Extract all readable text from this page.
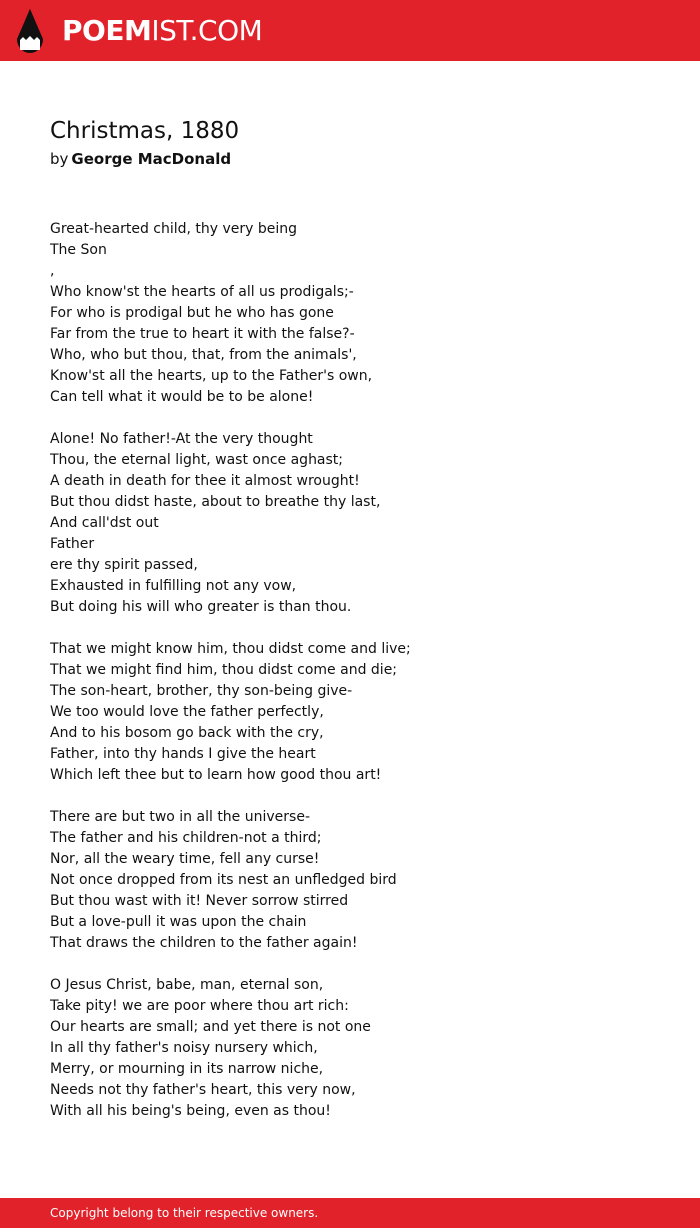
POEMIST.COM
Christmas, 1880
by George MacDonald
Great-hearted child, thy very being
The Son
,
Who know'st the hearts of all us prodigals;-
For who is prodigal but he who has gone
Far from the true to heart it with the false?-
Who, who but thou, that, from the animals',
Know'st all the hearts, up to the Father's own,
Can tell what it would be to be alone!
Alone! No father!-At the very thought
Thou, the eternal light, wast once aghast;
A death in death for thee it almost wrought!
But thou didst haste, about to breathe thy last,
And call'dst out
Father
ere thy spirit passed,
Exhausted in fulfilling not any vow,
But doing his will who greater is than thou.
That we might know him, thou didst come and live;
That we might find him, thou didst come and die;
The son-heart, brother, thy son-being give-
We too would love the father perfectly,
And to his bosom go back with the cry,
Father, into thy hands I give the heart
Which left thee but to learn how good thou art!
There are but two in all the universe-
The father and his children-not a third;
Nor, all the weary time, fell any curse!
Not once dropped from its nest an unfledged bird
But thou wast with it! Never sorrow stirred
But a love-pull it was upon the chain
That draws the children to the father again!
O Jesus Christ, babe, man, eternal son,
Take pity! we are poor where thou art rich:
Our hearts are small; and yet there is not one
In all thy father's noisy nursery which,
Merry, or mourning in its narrow niche,
Needs not thy father's heart, this very now,
With all his being's being, even as thou!
Copyright belong to their respective owners.
